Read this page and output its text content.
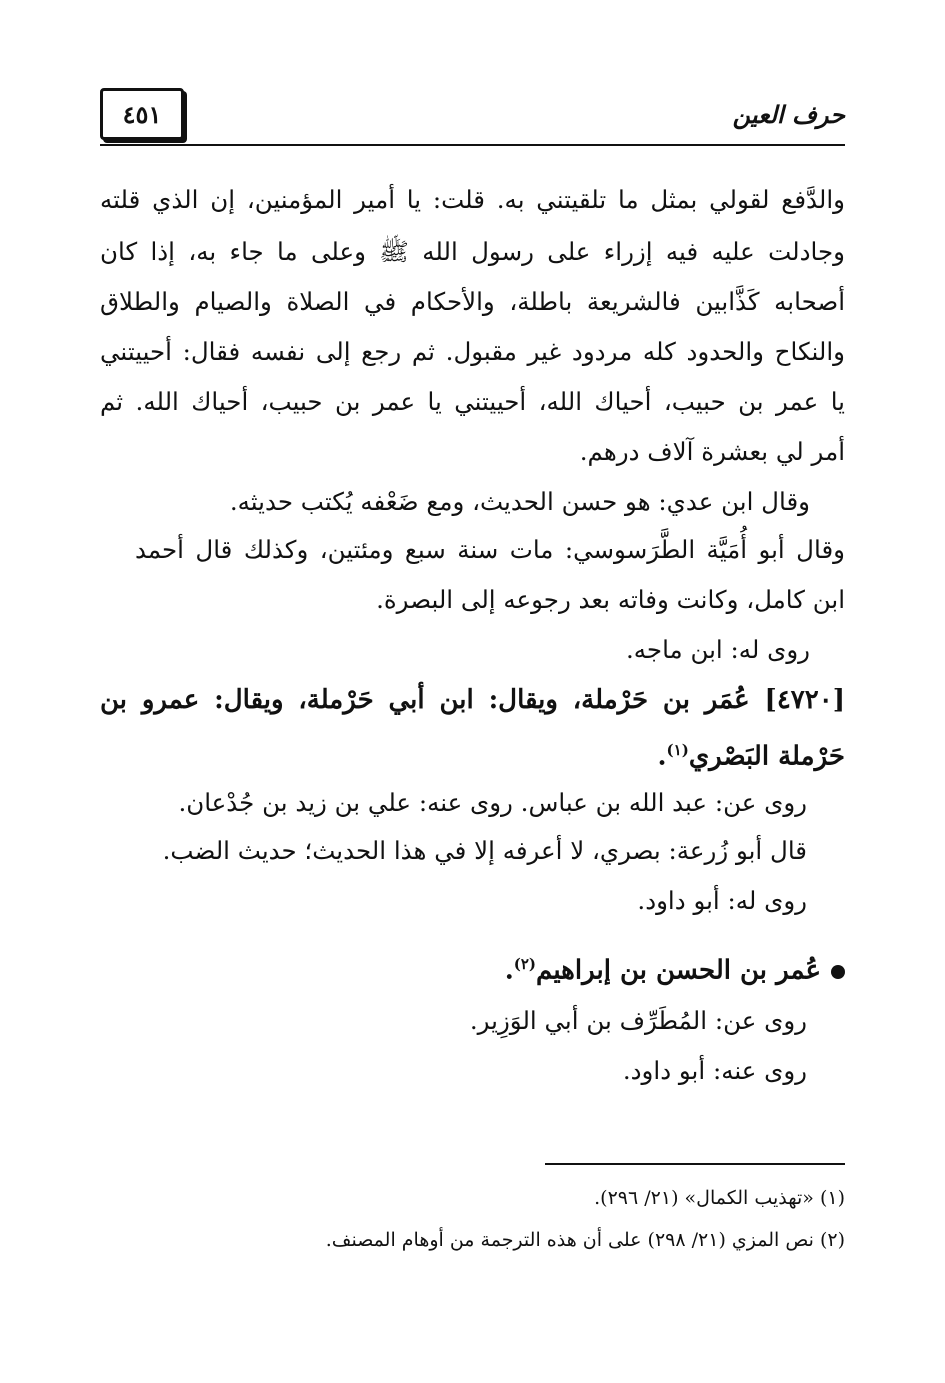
٤٥١	حرف العين
والدَّفع لقولي بمثل ما تلقيتني به. قلت: يا أمير المؤمنين، إن الذي قلته
وجادلت عليه فيه إزراء على رسول الله ﷺ وعلى ما جاء به، إذا كان
أصحابه كَذَّابين فالشريعة باطلة، والأحكام في الصلاة والصيام والطلاق
والنكاح والحدود كله مردود غير مقبول. ثم رجع إلى نفسه فقال: أحييتني
يا عمر بن حبيب، أحياك الله، أحييتني يا عمر بن حبيب، أحياك الله. ثم
أمر لي بعشرة آلاف درهم.
وقال ابن عدي: هو حسن الحديث، ومع ضَعْفه يُكتب حديثه.
وقال أبو أُمَيَّة الطَّرَسوسي: مات سنة سبع ومئتين، وكذلك قال أحمد
ابن كامل، وكانت وفاته بعد رجوعه إلى البصرة.
روى له: ابن ماجه.
[٤٧٢٠] عُمَر بن حَرْملة، ويقال: ابن أبي حَرْملة، ويقال: عمرو بن
حَرْملة البَصْري$^{(١)}$.
روى عن: عبد الله بن عباس. روى عنه: علي بن زيد بن جُدْعان.
قال أبو زُرعة: بصري، لا أعرفه إلا في هذا الحديث؛ حديث الضب.
روى له: أبو داود.
عُمر بن الحسن بن إبراهيم$^{(٢)}$.
روى عن: المُطَرِّف بن أبي الوَزِير.
روى عنه: أبو داود.
(١) «تهذيب الكمال» (٢١/ ٢٩٦).
(٢) نص المزي (٢١/ ٢٩٨) على أن هذه الترجمة من أوهام المصنف.
